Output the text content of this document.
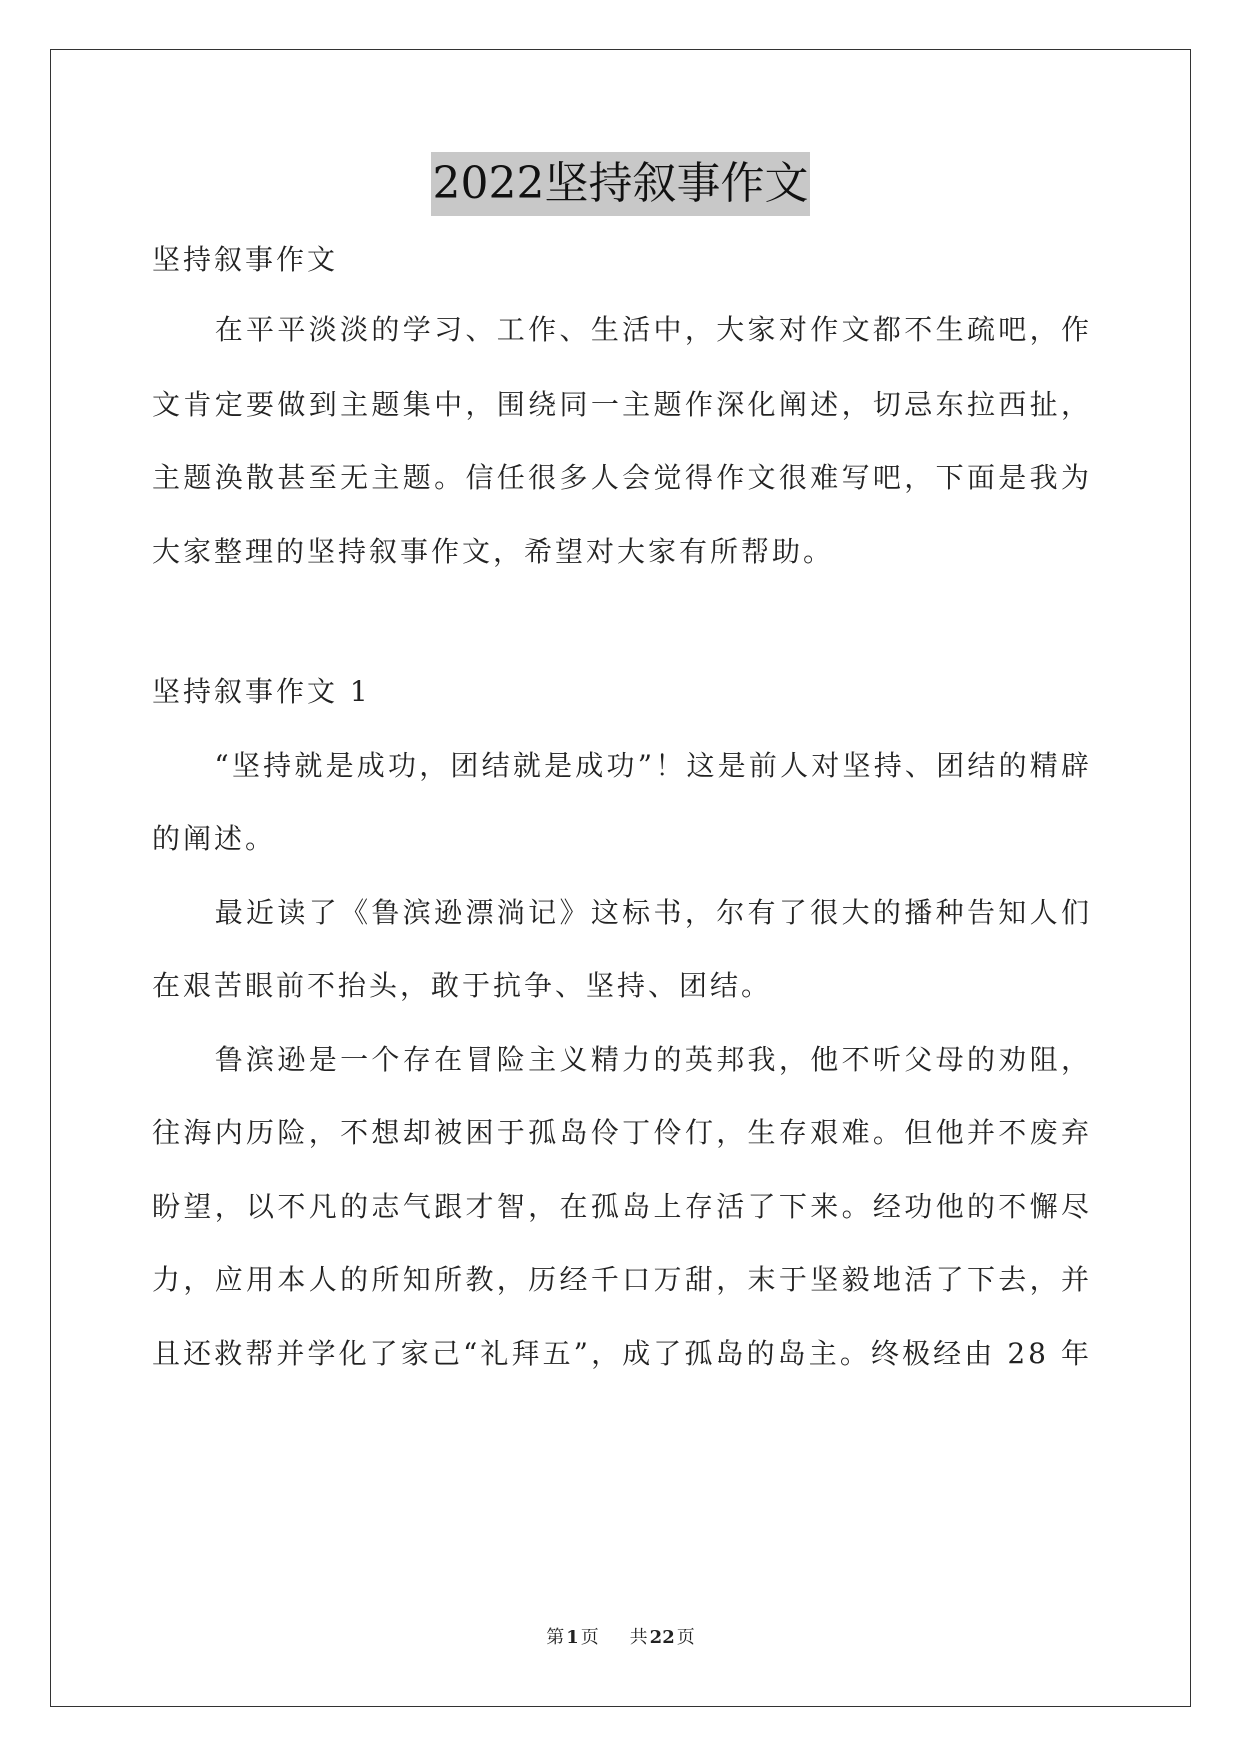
2022坚持叙事作文
坚持叙事作文
　　在平平淡淡的学习、工作、生活中，大家对作文都不生疏吧，作
文肯定要做到主题集中，围绕同一主题作深化阐述，切忌东拉西扯，
主题涣散甚至无主题。信任很多人会觉得作文很难写吧，下面是我为
大家整理的坚持叙事作文，希望对大家有所帮助。
坚持叙事作文 1
　　“坚持就是成功，团结就是成功”！这是前人对坚持、团结的精辟
的阐述。
　　最近读了《鲁滨逊漂淌记》这标书，尔有了很大的播种告知人们
在艰苦眼前不抬头，敢于抗争、坚持、团结。
　　鲁滨逊是一个存在冒险主义精力的英邦我，他不听父母的劝阻，
往海内历险，不想却被困于孤岛伶丁伶仃，生存艰难。但他并不废弃
盼望，以不凡的志气跟才智，在孤岛上存活了下来。经功他的不懈尽
力，应用本人的所知所教，历经千口万甜，末于坚毅地活了下去，并
且还救帮并学化了家己“礼拜五”，成了孤岛的岛主。终极经由 28 年
第 1 页 共 22 页
